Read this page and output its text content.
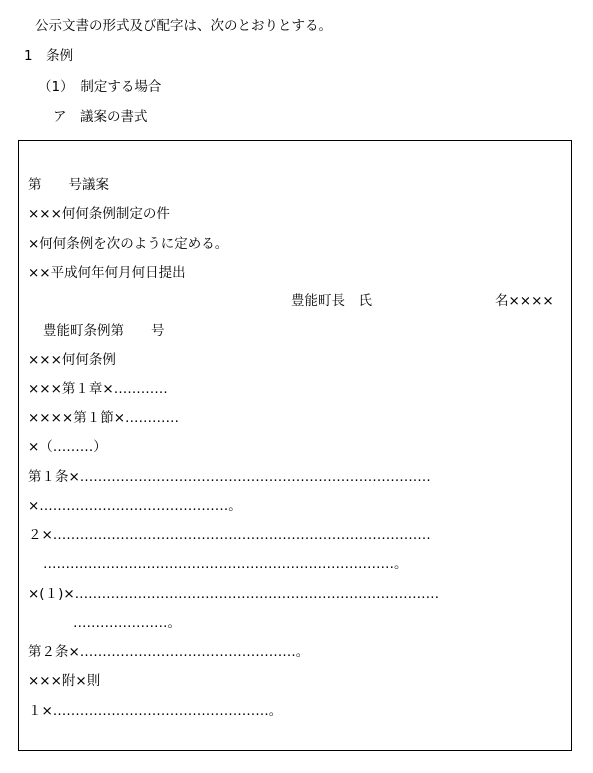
公示文書の形式及び配字は、次のとおりとする。
1　条例
（1）　制定する場合
ア　議案の書式
第　　号議案
×××何何条例制定の件
×何何条例を次のように定める。
××平成何年何月何日提出
豊能町長　氏	名××××
豊能町条例第　　号
×××何何条例
×××第１章×…………
××××第１節×…………
×（………）
第１条×……………………………………………………………………
×……………………………………。
２×…………………………………………………………………………
……………………………………………………………………。
×(１)×………………………………………………………………………
…………………。
第２条×…………………………………………。
×××附×則
１×…………………………………………。
